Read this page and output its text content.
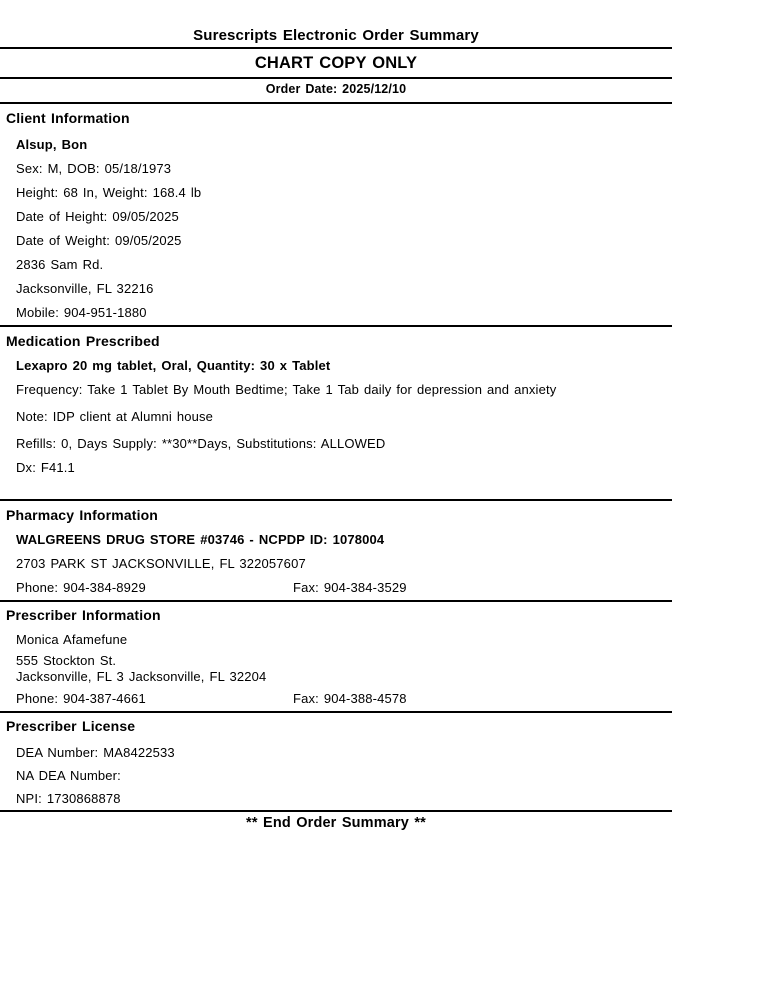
Surescripts Electronic Order Summary
CHART COPY ONLY
Order Date: 2025/12/10
Client Information
Alsup, Bon
Sex: M, DOB: 05/18/1973
Height: 68 In, Weight: 168.4 lb
Date of Height: 09/05/2025
Date of Weight: 09/05/2025
2836 Sam Rd.
Jacksonville, FL 32216
Mobile: 904-951-1880
Medication Prescribed
Lexapro 20 mg tablet, Oral, Quantity: 30 x Tablet
Frequency: Take 1 Tablet By Mouth Bedtime; Take 1 Tab daily for depression and anxiety
Note: IDP client at Alumni house
Refills: 0, Days Supply: **30**Days, Substitutions: ALLOWED
Dx: F41.1
Pharmacy Information
WALGREENS DRUG STORE #03746 - NCPDP ID: 1078004
2703 PARK ST JACKSONVILLE, FL 322057607
Phone: 904-384-8929	Fax: 904-384-3529
Prescriber Information
Monica Afamefune
555 Stockton St.
Jacksonville, FL 3 Jacksonville, FL 32204
Phone: 904-387-4661	Fax: 904-388-4578
Prescriber License
DEA Number: MA8422533
NA DEA Number:
NPI: 1730868878
** End Order Summary **
